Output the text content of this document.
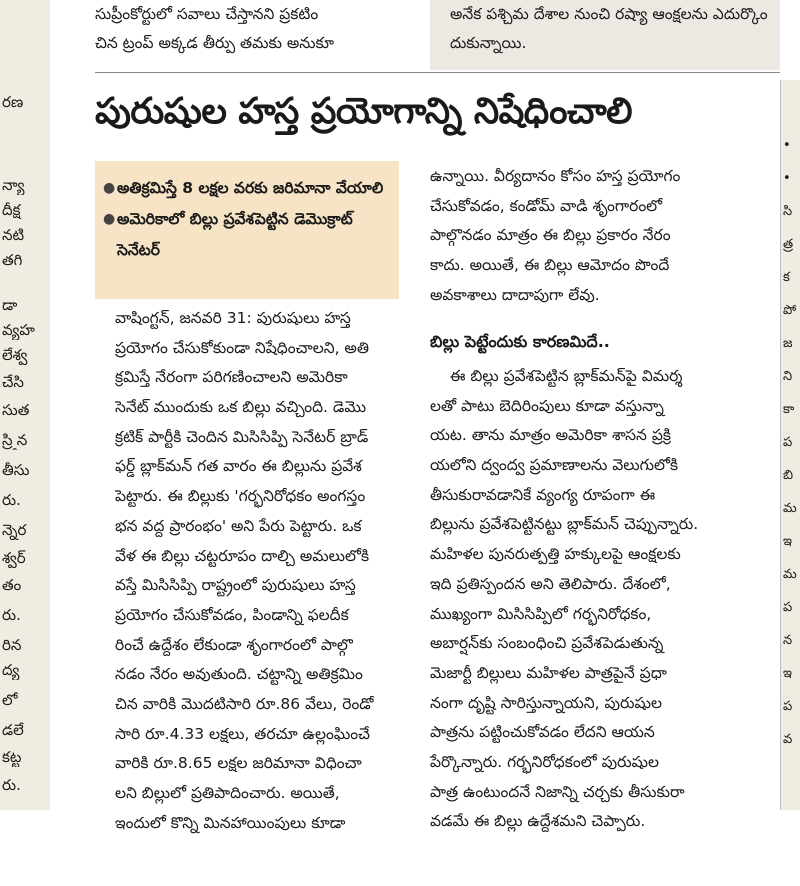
రణ
న్యా
దీక్ష
నటి
తగి
డా
వ్యహ
లేశ్వ
చేసి
సుత
స్ర్తిన
తీసు
రు.
న్నెర
శ్వర్
తం
రు.
రిన
ద్య
లో
డలే
కట్ట
రు.
•
•
సి
త్ర
క
పో
జ
ని
కా
ప
బి
మ
ఇ
మ
ప
న
ఇ
ప
వ
సుప్రీంకోర్టులో సవాలు చేస్తానని ప్రకటిం
చిన ట్రంప్ అక్కడ తీర్పు తమకు అనుకూ
అనేక పశ్చిమ దేశాల నుంచి రష్యా ఆంక్షలను ఎదుర్కొం
దుకున్నాయి.
పురుషుల హస్త ప్రయోగాన్ని నిషేధించాలి
● అతిక్రమిస్తే 8 లక్షల వరకు జరిమానా వేయాలి
● అమెరికాలో బిల్లు ప్రవేశపెట్టిన డెమొక్రాట్ సెనేటర్
వాషింగ్టన్, జనవరి 31: పురుషులు హస్త
ప్రయోగం చేసుకోకుండా నిషేధించాలని, అతి
క్రమిస్తే నేరంగా పరిగణించాలని అమెరికా
సెనేట్ ముందుకు ఒక బిల్లు వచ్చింది. డెమొ
క్రటిక్ పార్టీకి చెందిన మిసిసిప్పి సెనేటర్ బ్రాడ్
ఫర్డ్ బ్లాక్‌మన్ గత వారం ఈ బిల్లును ప్రవేశ
పెట్టారు. ఈ బిల్లుకు 'గర్భనిరోధకం అంగస్తం
భన వద్ద ప్రారంభం' అని పేరు పెట్టారు. ఒక
వేళ ఈ బిల్లు చట్టరూపం దాల్చి అమలులోకి
వస్తే మిసిసిప్పి రాష్ట్రంలో పురుషులు హస్త
ప్రయోగం చేసుకోవడం, పిండాన్ని ఫలదీక
రించే ఉద్దేశం లేకుండా శృంగారంలో పాల్గొ
నడం నేరం అవుతుంది. చట్టాన్ని అతిక్రమిం
చిన వారికి మొదటిసారి రూ.86 వేలు, రెండో
సారి రూ.4.33 లక్షలు, తరచూ ఉల్లంఘించే
వారికి రూ.8.65 లక్షల జరిమానా విధించా
లని బిల్లులో ప్రతిపాదించారు. అయితే,
ఇందులో కొన్ని మినహాయింపులు కూడా
ఉన్నాయి. వీర్యదానం కోసం హస్త ప్రయోగం
చేసుకోవడం, కండోమ్ వాడి శృంగారంలో
పాల్గొనడం మాత్రం ఈ బిల్లు ప్రకారం నేరం
కాదు. అయితే, ఈ బిల్లు ఆమోదం పొందే
అవకాశాలు దాదాపుగా లేవు.
బిల్లు పెట్టేందుకు కారణమిదే..
ఈ బిల్లు ప్రవేశపెట్టిన బ్లాక్‌మన్‌పై విమర్శ
లతో పాటు బెదిరింపులు కూడా వస్తున్నా
యట. తాను మాత్రం అమెరికా శాసన ప్రక్రి
యలోని ద్వంద్వ ప్రమాణాలను వెలుగులోకి
తీసుకురావడానికే వ్యంగ్య రూపంగా ఈ
బిల్లును ప్రవేశపెట్టినట్టు బ్లాక్‌మన్ చెప్పున్నారు.
మహిళల పునరుత్పత్తి హక్కులపై ఆంక్షలకు
ఇది ప్రతిస్పందన అని తెలిపారు. దేశంలో,
ముఖ్యంగా మిసిసిప్పిలో గర్భనిరోధకం,
అబార్షన్‌కు సంబంధించి ప్రవేశపెడుతున్న
మెజార్టీ బిల్లులు మహిళల పాత్రపైనే ప్రధా
నంగా దృష్టి సారిస్తున్నాయని, పురుషుల
పాత్రను పట్టించుకోవడం లేదని ఆయన
పేర్కొన్నారు. గర్భనిరోధకంలో పురుషుల
పాత్ర ఉంటుందనే నిజాన్ని చర్చకు తీసుకురా
వడమే ఈ బిల్లు ఉద్దేశమని చెప్పారు.
